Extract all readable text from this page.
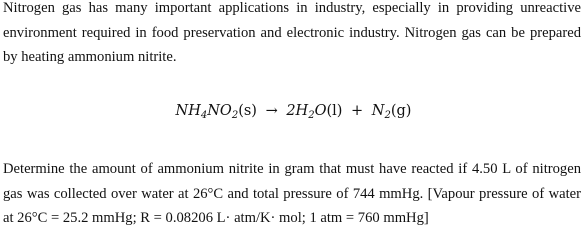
Nitrogen gas has many important applications in industry, especially in providing unreactive environment required in food preservation and electronic industry. Nitrogen gas can be prepared by heating ammonium nitrite.

$NH_4NO_2(s) \to 2H_2O(l) + N_2(g)$

Determine the amount of ammonium nitrite in gram that must have reacted if 4.50 L of nitrogen gas was collected over water at 26°C and total pressure of 744 mmHg. [Vapour pressure of water at 26°C = 25.2 mmHg; R = 0.08206 L· atm/K· mol; 1 atm = 760 mmHg]
